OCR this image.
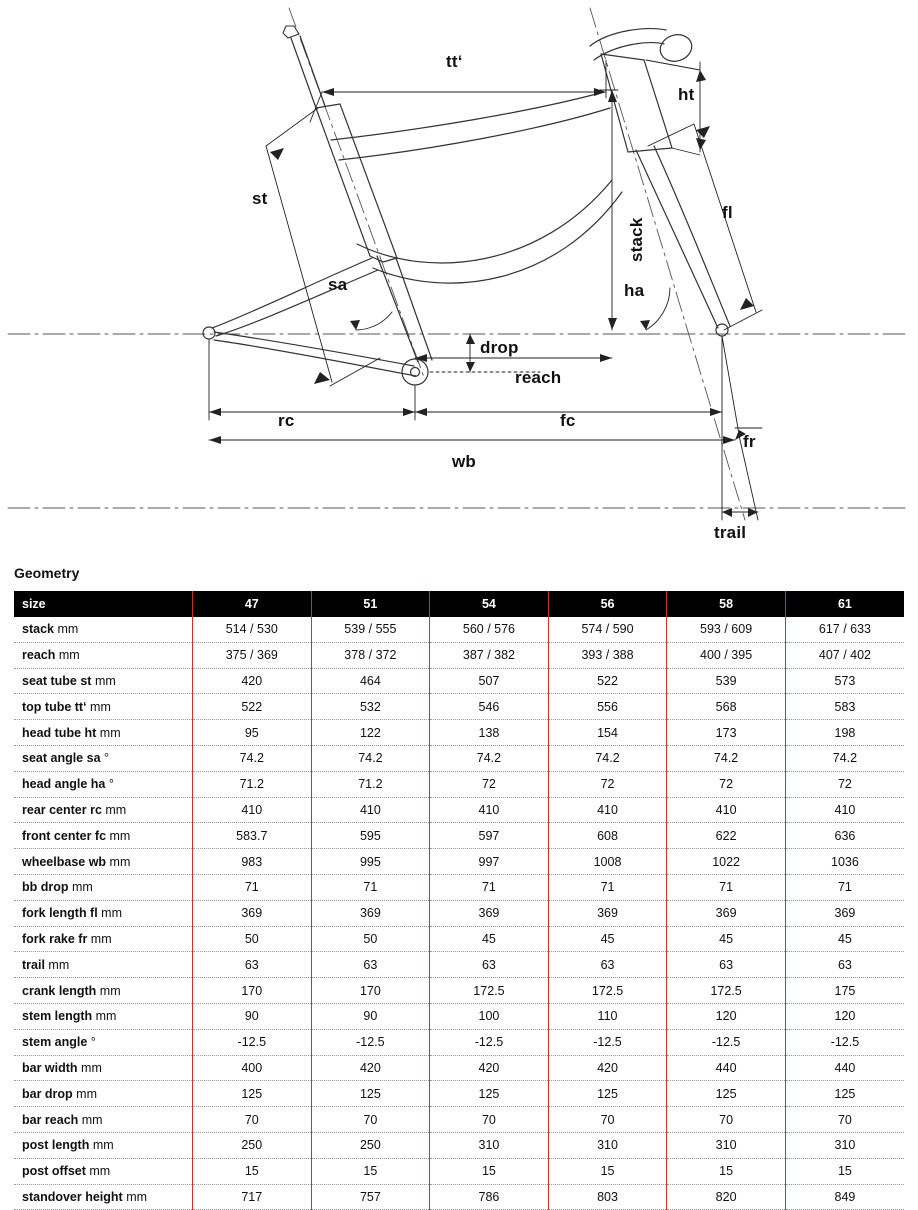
tt‘
ht
st
fl
stack
sa	ha
drop
reach
rc	fc
fr
wb
trail
Geometry
size	47	51	54	56	58	61
stack mm	514 / 530	539 / 555	560 / 576	574 / 590	593 / 609	617 / 633
reach mm	375 / 369	378 / 372	387 / 382	393 / 388	400 / 395	407 / 402
seat tube st mm	420	464	507	522	539	573
top tube tt‘ mm	522	532	546	556	568	583
head tube ht mm	95	122	138	154	173	198
seat angle sa °	74.2	74.2	74.2	74.2	74.2	74.2
head angle ha °	71.2	71.2	72	72	72	72
rear center rc mm	410	410	410	410	410	410
front center fc mm	583.7	595	597	608	622	636
wheelbase wb mm	983	995	997	1008	1022	1036
bb drop mm	71	71	71	71	71	71
fork length fl mm	369	369	369	369	369	369
fork rake fr mm	50	50	45	45	45	45
trail mm	63	63	63	63	63	63
crank length mm	170	170	172.5	172.5	172.5	175
stem length mm	90	90	100	110	120	120
stem angle °	-12.5	-12.5	-12.5	-12.5	-12.5	-12.5
bar width mm	400	420	420	420	440	440
bar drop mm	125	125	125	125	125	125
bar reach mm	70	70	70	70	70	70
post length mm	250	250	310	310	310	310
post offset mm	15	15	15	15	15	15
standover height mm	717	757	786	803	820	849
